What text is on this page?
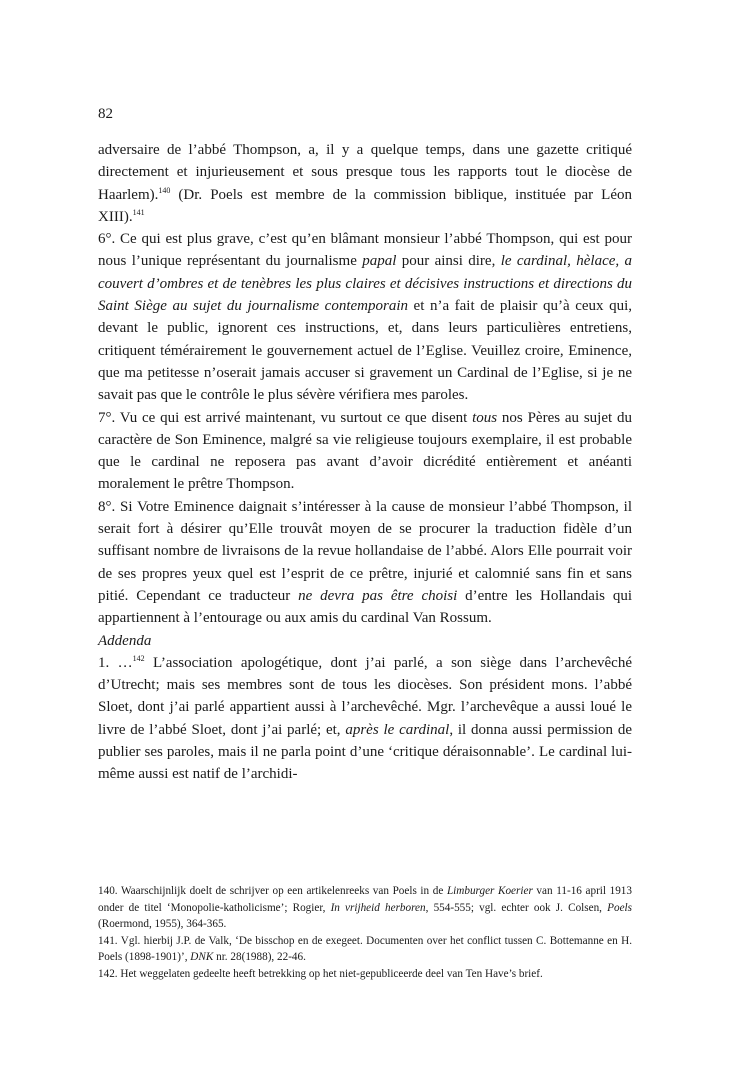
82

adversaire de l’abbé Thompson, a, il y a quelque temps, dans une gazette critiqué directement et injurieusement et sous presque tous les rapports tout le diocèse de Haarlem).$^{140}$ (Dr. Poels est membre de la commission biblique, instituée par Léon XIII).$^{141}$

6°. Ce qui est plus grave, c’est qu’en blâmant monsieur l’abbé Thompson, qui est pour nous l’unique représentant du journalisme papal pour ainsi dire, le cardinal, hèlace, a couvert d’ombres et de tenèbres les plus claires et décisives instructions et directions du Saint Siège au sujet du journalisme contemporain et n’a fait de plaisir qu’à ceux qui, devant le public, ignorent ces instructions, et, dans leurs particulières entretiens, critiquent témérairement le gouvernement actuel de l’Eglise. Veuillez croire, Eminence, que ma petitesse n’oserait jamais accuser si gravement un Cardinal de l’Eglise, si je ne savait pas que le contrôle le plus sévère vérifiera mes paroles.

7°. Vu ce qui est arrivé maintenant, vu surtout ce que disent tous nos Pères au sujet du caractère de Son Eminence, malgré sa vie religieuse toujours exemplaire, il est probable que le cardinal ne reposera pas avant d’avoir dicrédité entièrement et anéanti moralement le prêtre Thompson.

8°. Si Votre Eminence daignait s’intéresser à la cause de monsieur l’abbé Thompson, il serait fort à désirer qu’Elle trouvât moyen de se procurer la traduction fidèle d’un suffisant nombre de livraisons de la revue hollandaise de l’abbé. Alors Elle pourrait voir de ses propres yeux quel est l’esprit de ce prêtre, injurié et calomnié sans fin et sans pitié. Cependant ce traducteur ne devra pas être choisi d’entre les Hollandais qui appartiennent à l’entourage ou aux amis du cardinal Van Rossum.

Addenda

1. …$^{142}$ L’association apologétique, dont j’ai parlé, a son siège dans l’archevêché d’Utrecht; mais ses membres sont de tous les diocèses. Son président mons. l’abbé Sloet, dont j’ai parlé appartient aussi à l’archevêché. Mgr. l’archevêque a aussi loué le livre de l’abbé Sloet, dont j’ai parlé; et, après le cardinal, il donna aussi permission de publier ses paroles, mais il ne parla point d’une ‘critique déraisonnable’. Le cardinal lui-même aussi est natif de l’archidi-

140. Waarschijnlijk doelt de schrijver op een artikelenreeks van Poels in de Limburger Koerier van 11-16 april 1913 onder de titel ‘Monopolie-katholicisme’; Rogier, In vrijheid herboren, 554-555; vgl. echter ook J. Colsen, Poels (Roermond, 1955), 364-365.

141. Vgl. hierbij J.P. de Valk, ‘De bisschop en de exegeet. Documenten over het conflict tussen C. Bottemanne en H. Poels (1898-1901)’, DNK nr. 28(1988), 22-46.

142. Het weggelaten gedeelte heeft betrekking op het niet-gepubliceerde deel van Ten Have’s brief.
